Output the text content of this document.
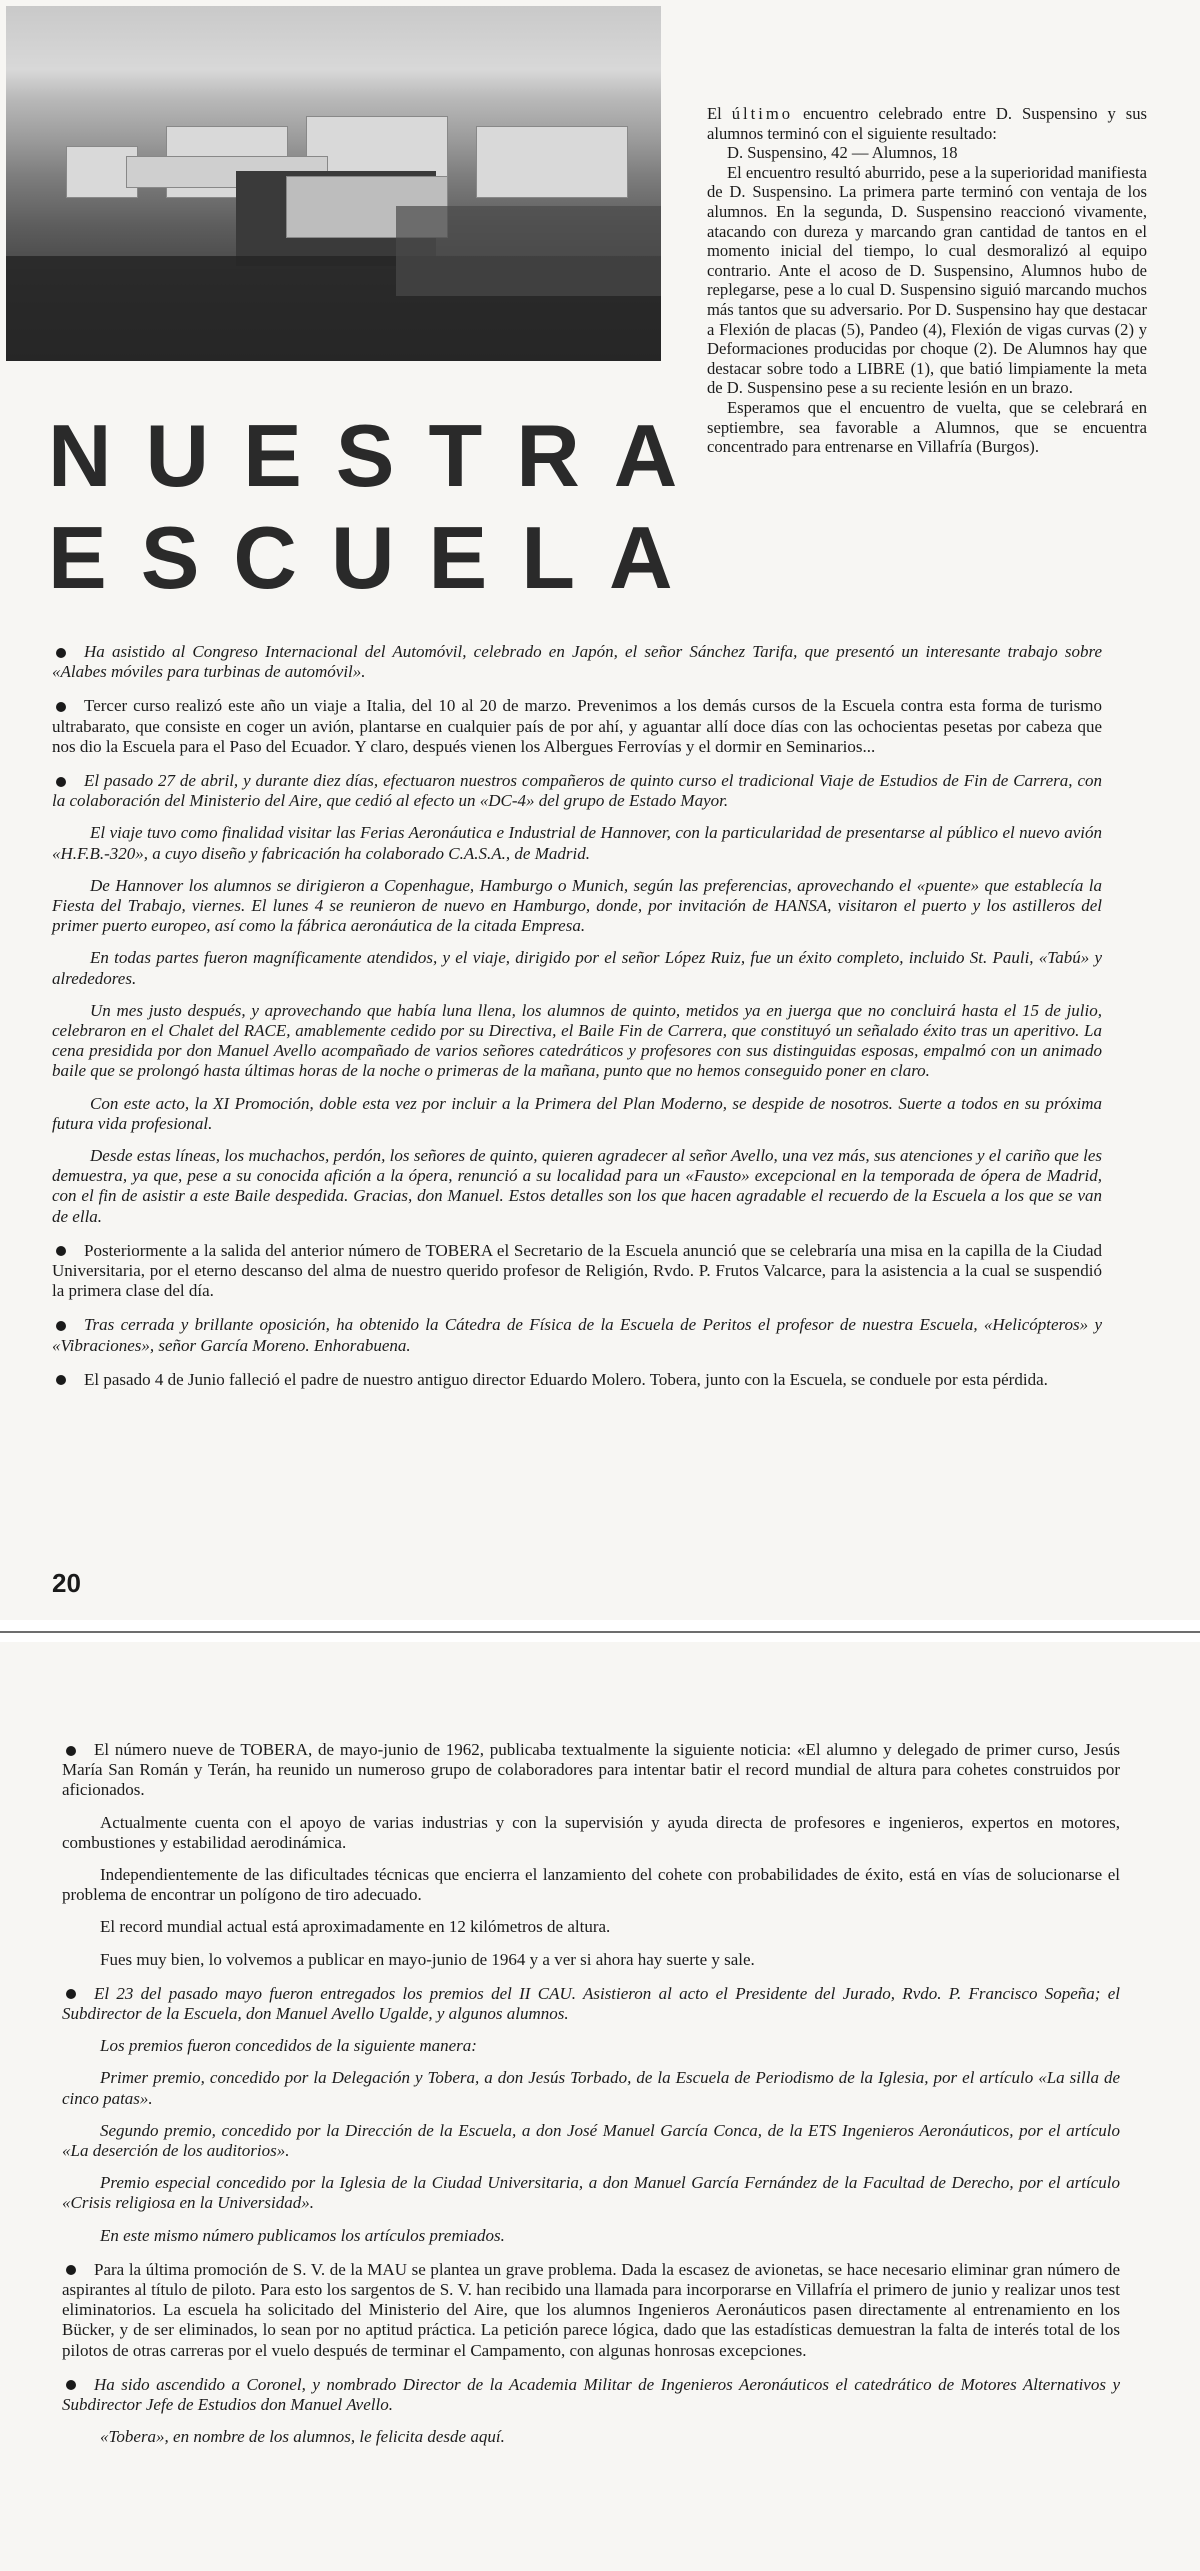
NUESTRA
ESCUELA

El último encuentro celebrado entre D. Suspensino y sus alumnos terminó con el siguiente resultado:

D. Suspensino, 42 — Alumnos, 18

El encuentro resultó aburrido, pese a la superioridad manifiesta de D. Suspensino. La primera parte terminó con ventaja de los alumnos. En la segunda, D. Suspensino reaccionó vivamente, atacando con dureza y marcando gran cantidad de tantos en el momento inicial del tiempo, lo cual desmoralizó al equipo contrario. Ante el acoso de D. Suspensino, Alumnos hubo de replegarse, pese a lo cual D. Suspensino siguió marcando muchos más tantos que su adversario. Por D. Suspensino hay que destacar a Flexión de placas (5), Pandeo (4), Flexión de vigas curvas (2) y Deformaciones producidas por choque (2). De Alumnos hay que destacar sobre todo a LIBRE (1), que batió limpiamente la meta de D. Suspensino pese a su reciente lesión en un brazo.

Esperamos que el encuentro de vuelta, que se celebrará en septiembre, sea favorable a Alumnos, que se encuentra concentrado para entrenarse en Villafría (Burgos).

Ha asistido al Congreso Internacional del Automóvil, celebrado en Japón, el señor Sánchez Tarifa, que presentó un interesante trabajo sobre «Alabes móviles para turbinas de automóvil».

Tercer curso realizó este año un viaje a Italia, del 10 al 20 de marzo. Prevenimos a los demás cursos de la Escuela contra esta forma de turismo ultrabarato, que consiste en coger un avión, plantarse en cualquier país de por ahí, y aguantar allí doce días con las ochocientas pesetas por cabeza que nos dio la Escuela para el Paso del Ecuador. Y claro, después vienen los Albergues Ferrovías y el dormir en Seminarios...

El pasado 27 de abril, y durante diez días, efectuaron nuestros compañeros de quinto curso el tradicional Viaje de Estudios de Fin de Carrera, con la colaboración del Ministerio del Aire, que cedió al efecto un «DC-4» del grupo de Estado Mayor.

El viaje tuvo como finalidad visitar las Ferias Aeronáutica e Industrial de Hannover, con la particularidad de presentarse al público el nuevo avión «H.F.B.-320», a cuyo diseño y fabricación ha colaborado C.A.S.A., de Madrid.

De Hannover los alumnos se dirigieron a Copenhague, Hamburgo o Munich, según las preferencias, aprovechando el «puente» que establecía la Fiesta del Trabajo, viernes. El lunes 4 se reunieron de nuevo en Hamburgo, donde, por invitación de HANSA, visitaron el puerto y los astilleros del primer puerto europeo, así como la fábrica aeronáutica de la citada Empresa.

En todas partes fueron magníficamente atendidos, y el viaje, dirigido por el señor López Ruiz, fue un éxito completo, incluido St. Pauli, «Tabú» y alrededores.

Un mes justo después, y aprovechando que había luna llena, los alumnos de quinto, metidos ya en juerga que no concluirá hasta el 15 de julio, celebraron en el Chalet del RACE, amablemente cedido por su Directiva, el Baile Fin de Carrera, que constituyó un señalado éxito tras un aperitivo. La cena presidida por don Manuel Avello acompañado de varios señores catedráticos y profesores con sus distinguidas esposas, empalmó con un animado baile que se prolongó hasta últimas horas de la noche o primeras de la mañana, punto que no hemos conseguido poner en claro.

Con este acto, la XI Promoción, doble esta vez por incluir a la Primera del Plan Moderno, se despide de nosotros. Suerte a todos en su próxima futura vida profesional.

Desde estas líneas, los muchachos, perdón, los señores de quinto, quieren agradecer al señor Avello, una vez más, sus atenciones y el cariño que les demuestra, ya que, pese a su conocida afición a la ópera, renunció a su localidad para un «Fausto» excepcional en la temporada de ópera de Madrid, con el fin de asistir a este Baile despedida. Gracias, don Manuel. Estos detalles son los que hacen agradable el recuerdo de la Escuela a los que se van de ella.

Posteriormente a la salida del anterior número de TOBERA el Secretario de la Escuela anunció que se celebraría una misa en la capilla de la Ciudad Universitaria, por el eterno descanso del alma de nuestro querido profesor de Religión, Rvdo. P. Frutos Valcarce, para la asistencia a la cual se suspendió la primera clase del día.

Tras cerrada y brillante oposición, ha obtenido la Cátedra de Física de la Escuela de Peritos el profesor de nuestra Escuela, «Helicópteros» y «Vibraciones», señor García Moreno. Enhorabuena.

El pasado 4 de Junio falleció el padre de nuestro antiguo director Eduardo Molero. Tobera, junto con la Escuela, se conduele por esta pérdida.

20

El número nueve de TOBERA, de mayo-junio de 1962, publicaba textualmente la siguiente noticia: «El alumno y delegado de primer curso, Jesús María San Román y Terán, ha reunido un numeroso grupo de colaboradores para intentar batir el record mundial de altura para cohetes construidos por aficionados.

Actualmente cuenta con el apoyo de varias industrias y con la supervisión y ayuda directa de profesores e ingenieros, expertos en motores, combustiones y estabilidad aerodinámica.

Independientemente de las dificultades técnicas que encierra el lanzamiento del cohete con probabilidades de éxito, está en vías de solucionarse el problema de encontrar un polígono de tiro adecuado.

El record mundial actual está aproximadamente en 12 kilómetros de altura.

Fues muy bien, lo volvemos a publicar en mayo-junio de 1964 y a ver si ahora hay suerte y sale.

El 23 del pasado mayo fueron entregados los premios del II CAU. Asistieron al acto el Presidente del Jurado, Rvdo. P. Francisco Sopeña; el Subdirector de la Escuela, don Manuel Avello Ugalde, y algunos alumnos.

Los premios fueron concedidos de la siguiente manera:

Primer premio, concedido por la Delegación y Tobera, a don Jesús Torbado, de la Escuela de Periodismo de la Iglesia, por el artículo «La silla de cinco patas».

Segundo premio, concedido por la Dirección de la Escuela, a don José Manuel García Conca, de la ETS Ingenieros Aeronáuticos, por el artículo «La deserción de los auditorios».

Premio especial concedido por la Iglesia de la Ciudad Universitaria, a don Manuel García Fernández de la Facultad de Derecho, por el artículo «Crisis religiosa en la Universidad».

En este mismo número publicamos los artículos premiados.

Para la última promoción de S. V. de la MAU se plantea un grave problema. Dada la escasez de avionetas, se hace necesario eliminar gran número de aspirantes al título de piloto. Para esto los sargentos de S. V. han recibido una llamada para incorporarse en Villafría el primero de junio y realizar unos test eliminatorios. La escuela ha solicitado del Ministerio del Aire, que los alumnos Ingenieros Aeronáuticos pasen directamente al entrenamiento en los Bücker, y de ser eliminados, lo sean por no aptitud práctica. La petición parece lógica, dado que las estadísticas demuestran la falta de interés total de los pilotos de otras carreras por el vuelo después de terminar el Campamento, con algunas honrosas excepciones.

Ha sido ascendido a Coronel, y nombrado Director de la Academia Militar de Ingenieros Aeronáuticos el catedrático de Motores Alternativos y Subdirector Jefe de Estudios don Manuel Avello.

«Tobera», en nombre de los alumnos, le felicita desde aquí.
